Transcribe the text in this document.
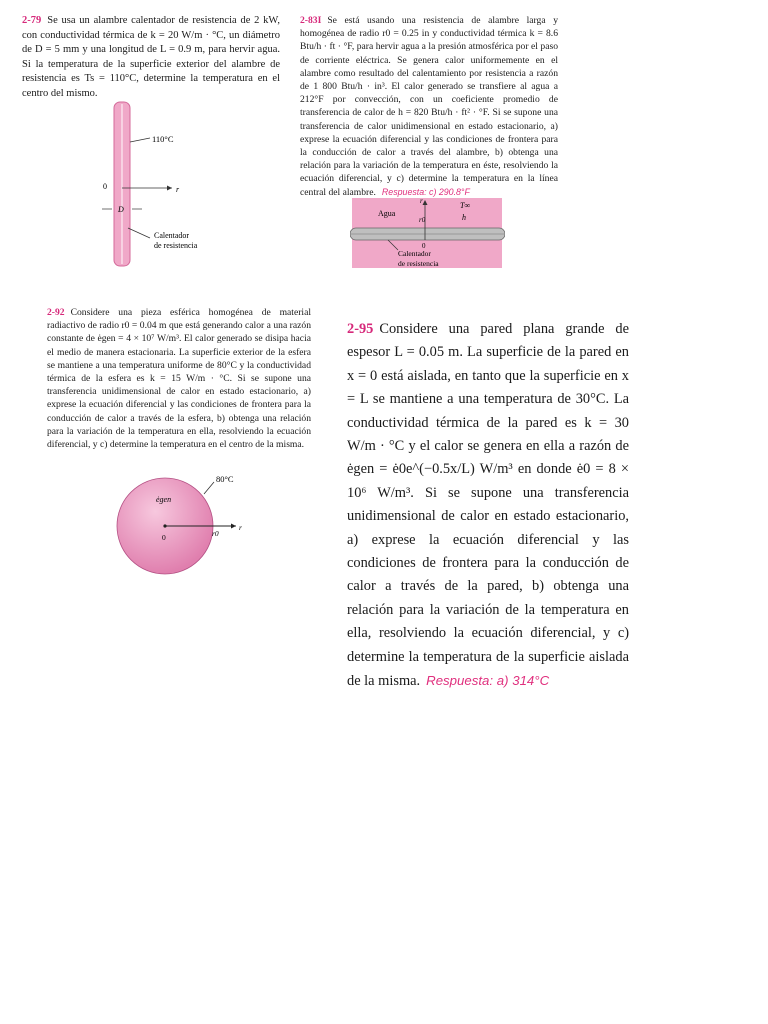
2-79 Se usa un alambre calentador de resistencia de 2 kW, con conductividad térmica de k = 20 W/m · °C, un diámetro de D = 5 mm y una longitud de L = 0.9 m, para hervir agua. Si la temperatura de la superficie exterior del alambre de resistencia es Ts = 110°C, determine la temperatura en el centro del mismo.

110°C
0	r
D
Calentador
de resistencia

2-83I Se está usando una resistencia de alambre larga y homogénea de radio r0 = 0.25 in y conductividad térmica k = 8.6 Btu/h · ft · °F, para hervir agua a la presión atmosférica por el paso de corriente eléctrica. Se genera calor uniformemente en el alambre como resultado del calentamiento por resistencia a razón de 1 800 Btu/h · in³. El calor generado se transfiere al agua a 212°F por convección, con un coeficiente promedio de transferencia de calor de h = 820 Btu/h · ft² · °F. Si se supone una transferencia de calor unidimensional en estado estacionario, a) exprese la ecuación diferencial y las condiciones de frontera para la conducción de calor a través del alambre, b) obtenga una relación para la variación de la temperatura en éste, resolviendo la ecuación diferencial, y c) determine la temperatura en la línea central del alambre. Respuesta: c) 290.8°F

Agua
r
r0
T∞
h
0
Calentador
de resistencia

2-92 Considere una pieza esférica homogénea de material radiactivo de radio r0 = 0.04 m que está generando calor a una razón constante de ėgen = 4 × 10⁷ W/m³. El calor generado se disipa hacia el medio de manera estacionaria. La superficie exterior de la esfera se mantiene a una temperatura uniforme de 80°C y la conductividad térmica de la esfera es k = 15 W/m · °C. Si se supone una transferencia unidimensional de calor en estado estacionario, a) exprese la ecuación diferencial y las condiciones de frontera para la conducción de calor a través de la esfera, b) obtenga una relación para la variación de la temperatura en ella, resolviendo la ecuación diferencial, y c) determine la temperatura en el centro de la misma.

80°C
ėgen
0	r0
r

2-95 Considere una pared plana grande de espesor L = 0.05 m. La superficie de la pared en x = 0 está aislada, en tanto que la superficie en x = L se mantiene a una temperatura de 30°C. La conductividad térmica de la pared es k = 30 W/m · °C y el calor se genera en ella a razón de ėgen = ė0e^(−0.5x/L) W/m³ en donde ė0 = 8 × 10⁶ W/m³. Si se supone una transferencia unidimensional de calor en estado estacionario, a) exprese la ecuación diferencial y las condiciones de frontera para la conducción de calor a través de la pared, b) obtenga una relación para la variación de la temperatura en ella, resolviendo la ecuación diferencial, y c) determine la temperatura de la superficie aislada de la misma. Respuesta: a) 314°C
